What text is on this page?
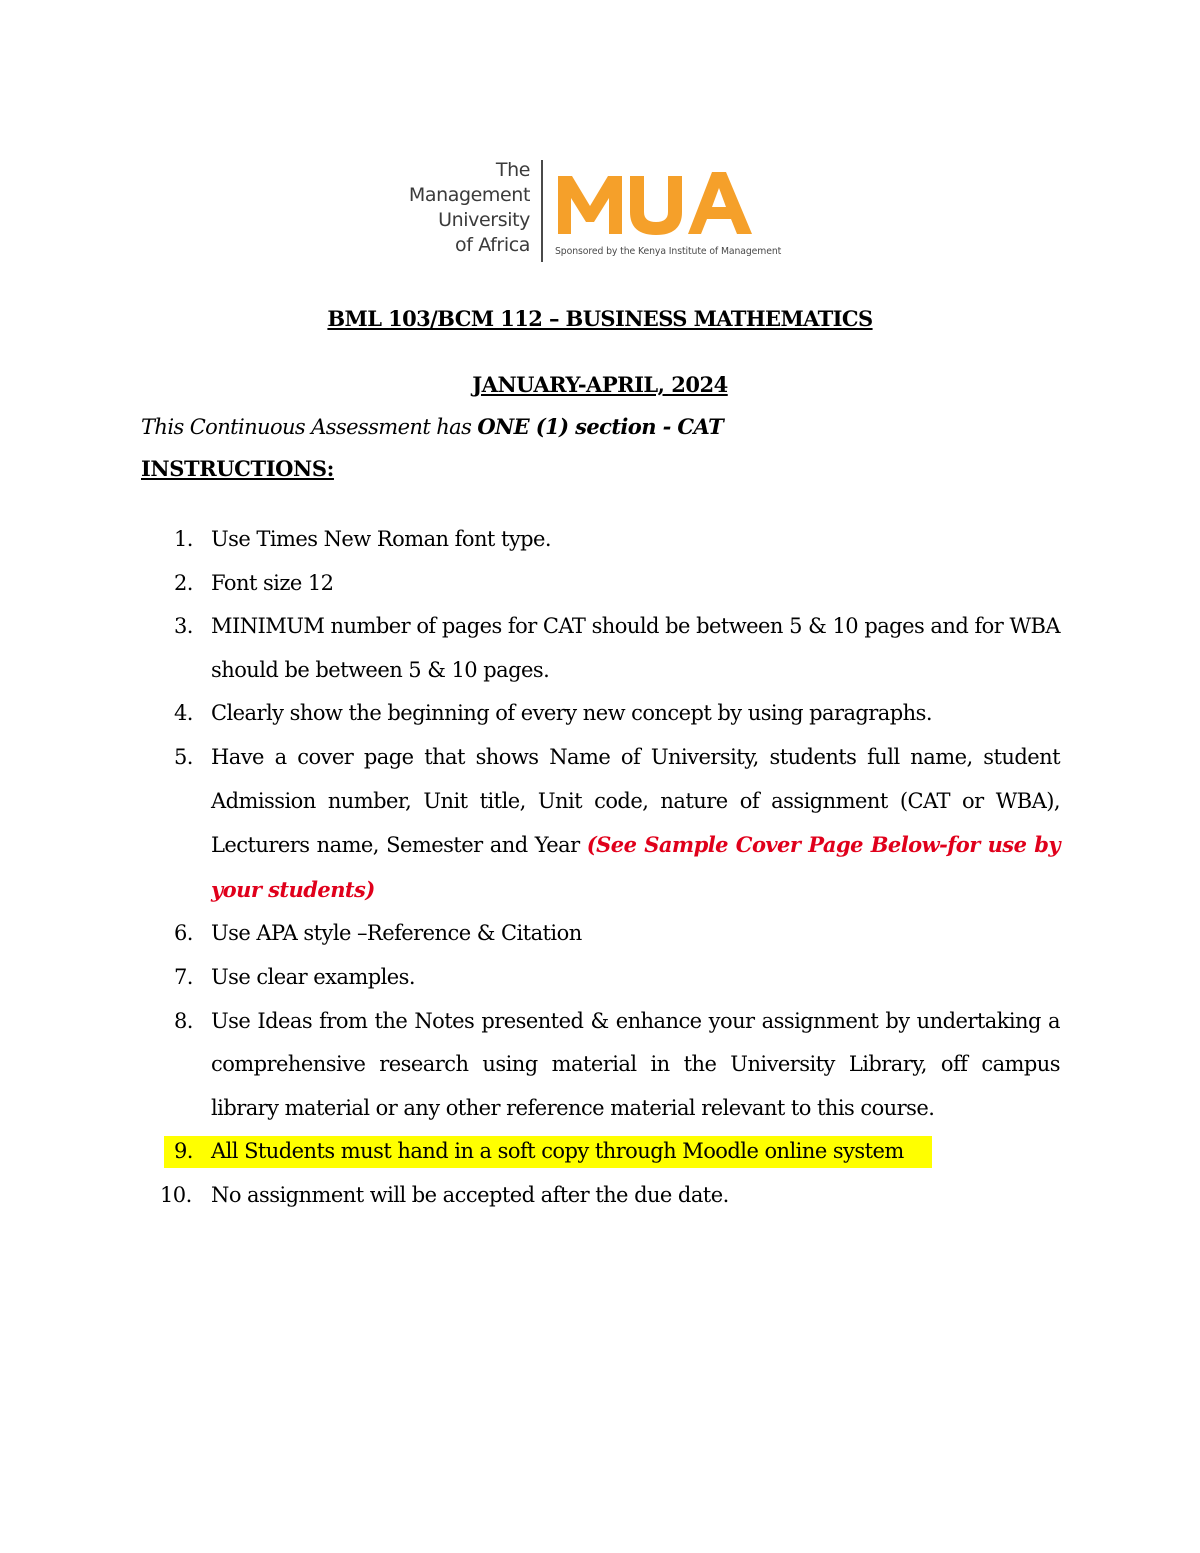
The
Management
University
of Africa	Sponsored by the Kenya Institute of Management
BML 103/BCM 112 – BUSINESS MATHEMATICS
JANUARY-APRIL, 2024
This Continuous Assessment has ONE (1) section - CAT
INSTRUCTIONS:
1. Use Times New Roman font type.
2. Font size 12
3. MINIMUM number of pages for CAT should be between 5 & 10 pages and for WBA should be between 5 & 10 pages.
4. Clearly show the beginning of every new concept by using paragraphs.
5. Have a cover page that shows Name of University, students full name, student Admission number, Unit title, Unit code, nature of assignment (CAT or WBA), Lecturers name, Semester and Year (See Sample Cover Page Below-for use by your students)
6. Use APA style –Reference & Citation
7. Use clear examples.
8. Use Ideas from the Notes presented & enhance your assignment by undertaking a comprehensive research using material in the University Library, off campus library material or any other reference material relevant to this course.
9. All Students must hand in a soft copy through Moodle online system
10. No assignment will be accepted after the due date.
